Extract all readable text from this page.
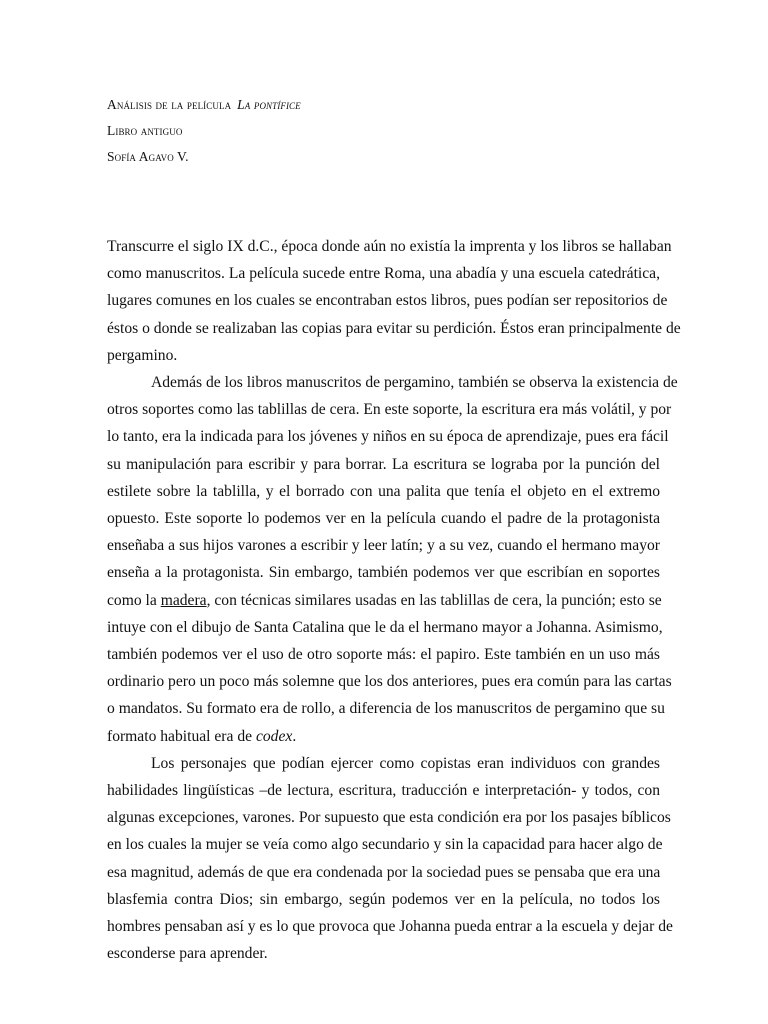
Análisis de la película La pontífice
Libro antiguo
Sofía Agavo V.
Transcurre el siglo IX d.C., época donde aún no existía la imprenta y los libros se hallaban
como manuscritos. La película sucede entre Roma, una abadía y una escuela catedrática,
lugares comunes en los cuales se encontraban estos libros, pues podían ser repositorios de
éstos o donde se realizaban las copias para evitar su perdición. Éstos eran principalmente de
pergamino.
Además de los libros manuscritos de pergamino, también se observa la existencia de
otros soportes como las tablillas de cera. En este soporte, la escritura era más volátil, y por
lo tanto, era la indicada para los jóvenes y niños en su época de aprendizaje, pues era fácil
su manipulación para escribir y para borrar. La escritura se lograba por la punción del
estilete sobre la tablilla, y el borrado con una palita que tenía el objeto en el extremo
opuesto. Este soporte lo podemos ver en la película cuando el padre de la protagonista
enseñaba a sus hijos varones a escribir y leer latín; y a su vez, cuando el hermano mayor
enseña a la protagonista. Sin embargo, también podemos ver que escribían en soportes
como la madera, con técnicas similares usadas en las tablillas de cera, la punción; esto se
intuye con el dibujo de Santa Catalina que le da el hermano mayor a Johanna. Asimismo,
también podemos ver el uso de otro soporte más: el papiro. Este también en un uso más
ordinario pero un poco más solemne que los dos anteriores, pues era común para las cartas
o mandatos. Su formato era de rollo, a diferencia de los manuscritos de pergamino que su
formato habitual era de codex.
Los personajes que podían ejercer como copistas eran individuos con grandes
habilidades lingüísticas –de lectura, escritura, traducción e interpretación- y todos, con
algunas excepciones, varones. Por supuesto que esta condición era por los pasajes bíblicos
en los cuales la mujer se veía como algo secundario y sin la capacidad para hacer algo de
esa magnitud, además de que era condenada por la sociedad pues se pensaba que era una
blasfemia contra Dios; sin embargo, según podemos ver en la película, no todos los
hombres pensaban así y es lo que provoca que Johanna pueda entrar a la escuela y dejar de
esconderse para aprender.
